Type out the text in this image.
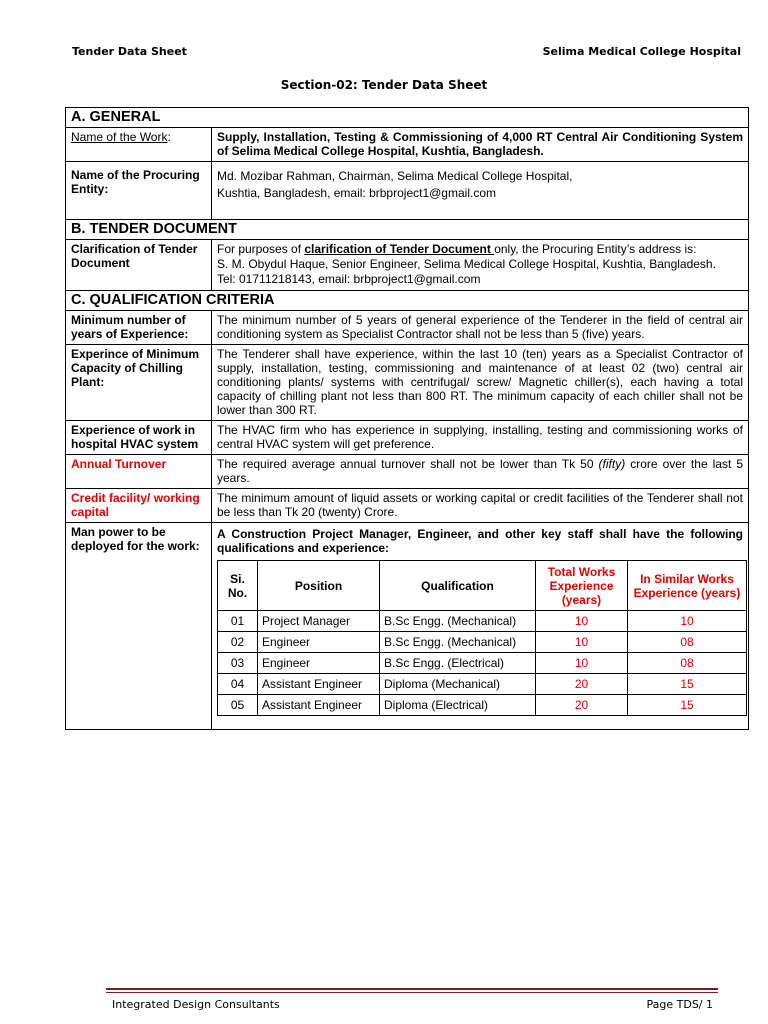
Tender Data Sheet	Selima Medical College Hospital
Section-02: Tender Data Sheet
A. GENERAL
Name of the Work:	Supply, Installation, Testing & Commissioning of 4,000 RT Central Air Conditioning System of Selima Medical College Hospital, Kushtia, Bangladesh.
Name of the Procuring Entity:	
Md. Mozibar Rahman, Chairman, Selima Medical College Hospital,
Kushtia, Bangladesh, email: brbproject1@gmail.com

B. TENDER DOCUMENT
Clarification of Tender Document	
For purposes of clarification of Tender Document only, the Procuring Entity’s address is:
S. M. Obydul Haque, Senior Engineer, Selima Medical College Hospital, Kushtia, Bangladesh.
Tel: 01711218143, email: brbproject1@gmail.com

C. QUALIFICATION CRITERIA
Minimum number of years of Experience:	The minimum number of 5 years of general experience of the Tenderer in the field of central air conditioning system as Specialist Contractor shall not be less than 5 (five) years.
Experince of Minimum Capacity of Chilling Plant:	The Tenderer shall have experience, within the last 10 (ten) years as a Specialist Contractor of supply, installation, testing, commissioning and maintenance of at least 02 (two) central air conditioning plants/ systems with centrifugal/ screw/ Magnetic chiller(s), each having a total capacity of chilling plant not less than 800 RT. The minimum capacity of each chiller shall not be lower than 300 RT.
Experience of work in hospital HVAC system	The HVAC firm who has experience in supplying, installing, testing and commissioning works of central HVAC system will get preference.
Annual Turnover	The required average annual turnover shall not be lower than Tk 50 (fifty) crore over the last 5 years.
Credit facility/ working capital	The minimum amount of liquid assets or working capital or credit facilities of the Tenderer shall not be less than Tk 20 (twenty) Crore.
Man power to be deployed for the work:	
A Construction Project Manager, Engineer, and other key staff shall have the following qualifications and experience:
Si. No.	Position	Qualification	Total Works Experience (years)	In Similar Works Experience (years)
01	Project Manager	B.Sc Engg. (Mechanical)	10	10
02	Engineer	B.Sc Engg. (Mechanical)	10	08
03	Engineer	B.Sc Engg. (Electrical)	10	08
04	Assistant Engineer	Diploma (Mechanical)	20	15
05	Assistant Engineer	Diploma (Electrical)	20	15
Integrated Design Consultants	Page TDS/ 1
